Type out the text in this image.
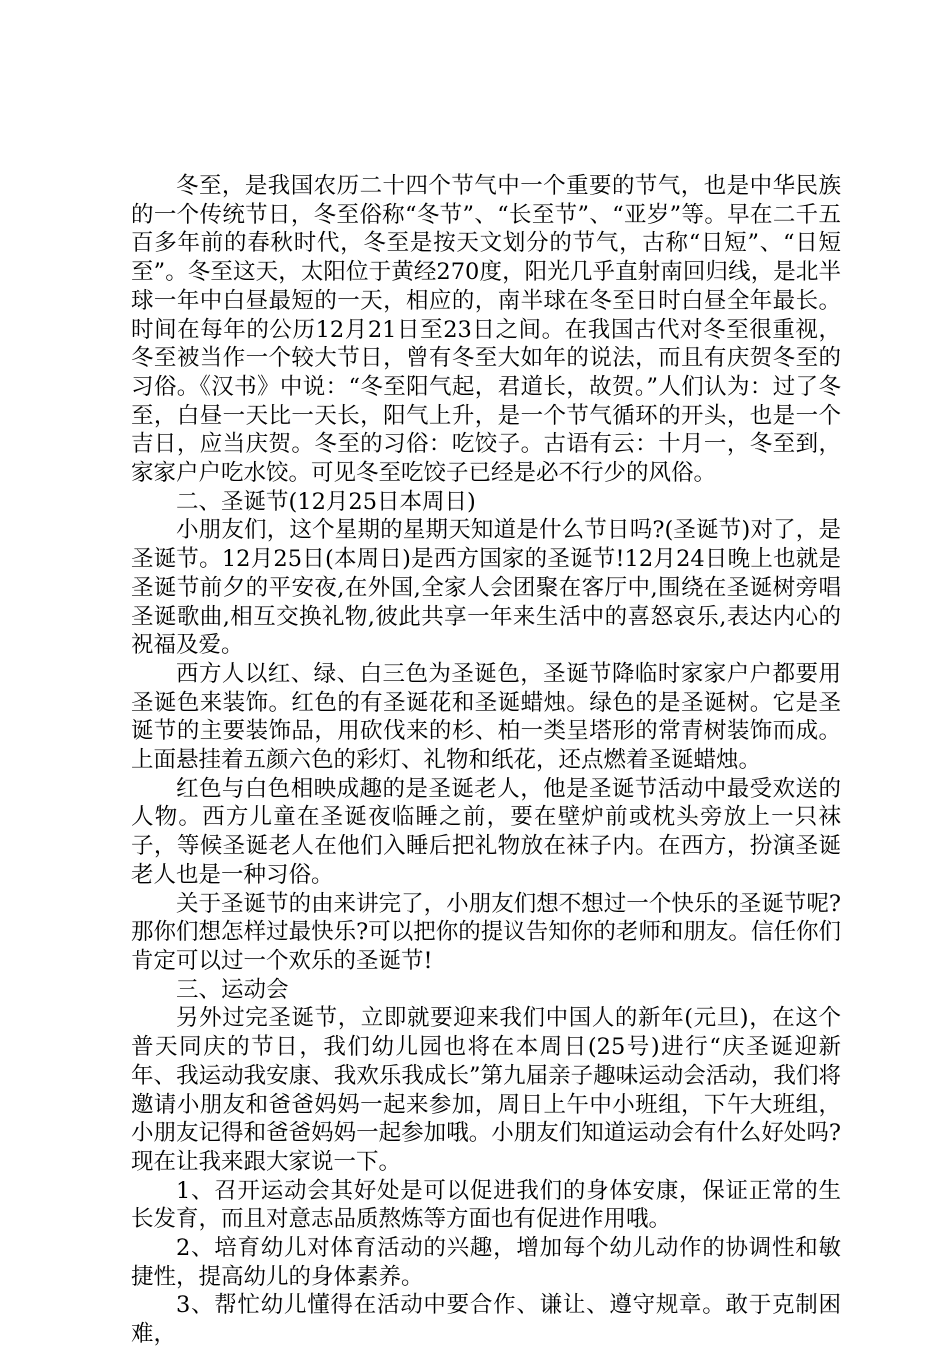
冬至，是我国农历二十四个节气中一个重要的节气，也是中华民族的一个传统节日，冬至俗称“冬节”、“长至节”、“亚岁”等。早在二千五百多年前的春秋时代，冬至是按天文划分的节气，古称“日短”、“日短至”。冬至这天，太阳位于黄经270度，阳光几乎直射南回归线，是北半球一年中白昼最短的一天，相应的，南半球在冬至日时白昼全年最长。时间在每年的公历12月21日至23日之间。在我国古代对冬至很重视，冬至被当作一个较大节日，曾有冬至大如年的说法，而且有庆贺冬至的习俗。《汉书》中说：“冬至阳气起，君道长，故贺。”人们认为：过了冬至，白昼一天比一天长，阳气上升，是一个节气循环的开头，也是一个吉日，应当庆贺。冬至的习俗：吃饺子。古语有云：十月一，冬至到，家家户户吃水饺。可见冬至吃饺子已经是必不行少的风俗。

二、圣诞节(12月25日本周日)

小朋友们，这个星期的星期天知道是什么节日吗?(圣诞节)对了，是圣诞节。12月25日(本周日)是西方国家的圣诞节!12月24日晚上也就是圣诞节前夕的平安夜,在外国,全家人会团聚在客厅中,围绕在圣诞树旁唱圣诞歌曲,相互交换礼物,彼此共享一年来生活中的喜怒哀乐,表达内心的祝福及爱。

西方人以红、绿、白三色为圣诞色，圣诞节降临时家家户户都要用圣诞色来装饰。红色的有圣诞花和圣诞蜡烛。绿色的是圣诞树。它是圣诞节的主要装饰品，用砍伐来的杉、柏一类呈塔形的常青树装饰而成。上面悬挂着五颜六色的彩灯、礼物和纸花，还点燃着圣诞蜡烛。

红色与白色相映成趣的是圣诞老人，他是圣诞节活动中最受欢送的人物。西方儿童在圣诞夜临睡之前，要在壁炉前或枕头旁放上一只袜子，等候圣诞老人在他们入睡后把礼物放在袜子内。在西方，扮演圣诞老人也是一种习俗。

关于圣诞节的由来讲完了，小朋友们想不想过一个快乐的圣诞节呢?那你们想怎样过最快乐?可以把你的提议告知你的老师和朋友。信任你们肯定可以过一个欢乐的圣诞节!

三、运动会

另外过完圣诞节，立即就要迎来我们中国人的新年(元旦)，在这个普天同庆的节日，我们幼儿园也将在本周日(25号)进行“庆圣诞迎新年、我运动我安康、我欢乐我成长”第九届亲子趣味运动会活动，我们将邀请小朋友和爸爸妈妈一起来参加，周日上午中小班组，下午大班组，小朋友记得和爸爸妈妈一起参加哦。小朋友们知道运动会有什么好处吗?现在让我来跟大家说一下。

1、召开运动会其好处是可以促进我们的身体安康，保证正常的生长发育，而且对意志品质熬炼等方面也有促进作用哦。

2、培育幼儿对体育活动的兴趣，增加每个幼儿动作的协调性和敏捷性，提高幼儿的身体素养。

3、帮忙幼儿懂得在活动中要合作、谦让、遵守规章。敢于克制困难，
